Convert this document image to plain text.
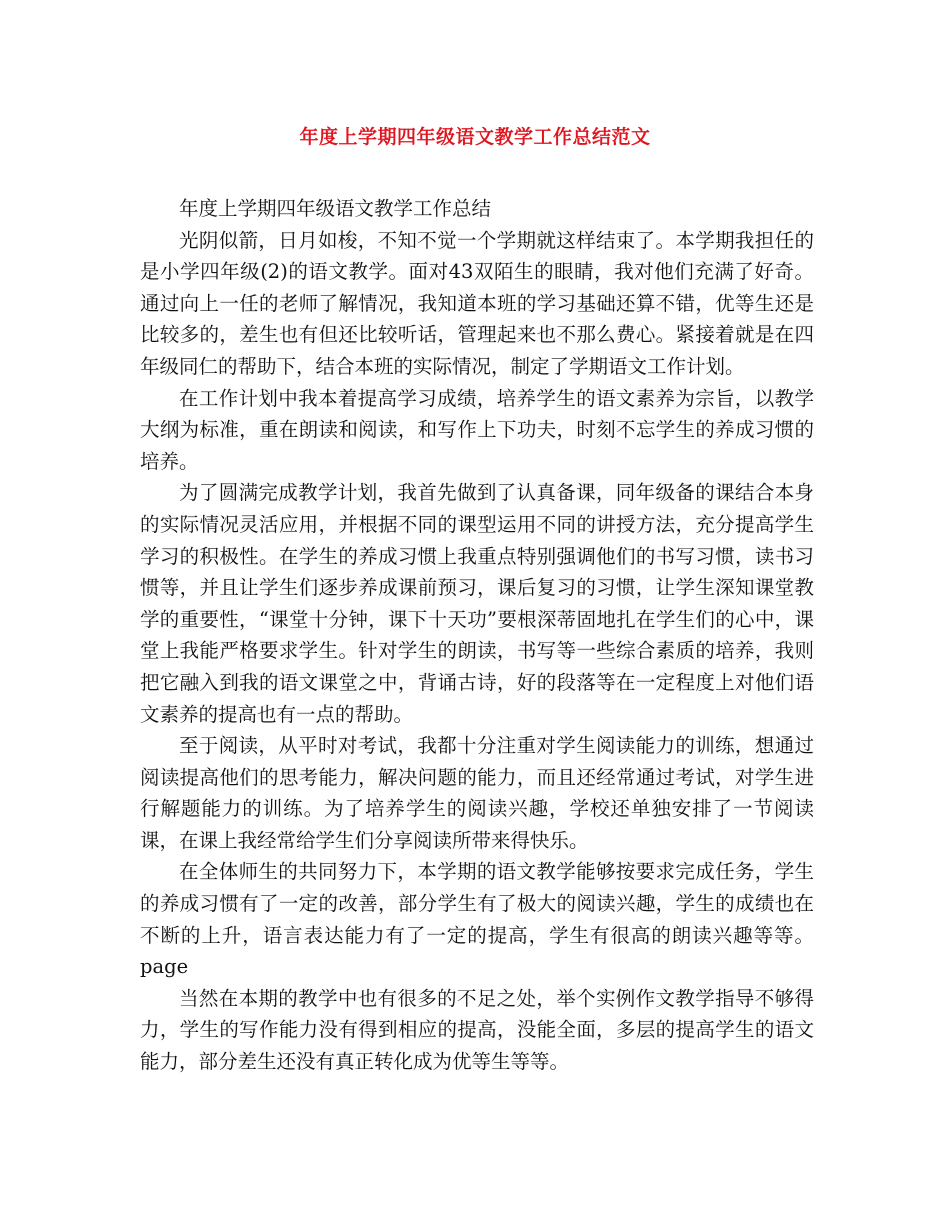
年度上学期四年级语文教学工作总结范文

年度上学期四年级语文教学工作总结

光阴似箭，日月如梭，不知不觉一个学期就这样结束了。本学期我担任的是小学四年级(2)的语文教学。面对43双陌生的眼睛，我对他们充满了好奇。通过向上一任的老师了解情况，我知道本班的学习基础还算不错，优等生还是比较多的，差生也有但还比较听话，管理起来也不那么费心。紧接着就是在四年级同仁的帮助下，结合本班的实际情况，制定了学期语文工作计划。

在工作计划中我本着提高学习成绩，培养学生的语文素养为宗旨，以教学大纲为标准，重在朗读和阅读，和写作上下功夫，时刻不忘学生的养成习惯的培养。

为了圆满完成教学计划，我首先做到了认真备课，同年级备的课结合本身的实际情况灵活应用，并根据不同的课型运用不同的讲授方法，充分提高学生学习的积极性。在学生的养成习惯上我重点特别强调他们的书写习惯，读书习惯等，并且让学生们逐步养成课前预习，课后复习的习惯，让学生深知课堂教学的重要性，“课堂十分钟，课下十天功”要根深蒂固地扎在学生们的心中，课堂上我能严格要求学生。针对学生的朗读，书写等一些综合素质的培养，我则把它融入到我的语文课堂之中，背诵古诗，好的段落等在一定程度上对他们语文素养的提高也有一点的帮助。

至于阅读，从平时对考试，我都十分注重对学生阅读能力的训练，想通过阅读提高他们的思考能力，解决问题的能力，而且还经常通过考试，对学生进行解题能力的训练。为了培养学生的阅读兴趣，学校还单独安排了一节阅读课，在课上我经常给学生们分享阅读所带来得快乐。

在全体师生的共同努力下，本学期的语文教学能够按要求完成任务，学生的养成习惯有了一定的改善，部分学生有了极大的阅读兴趣，学生的成绩也在不断的上升，语言表达能力有了一定的提高，学生有很高的朗读兴趣等等。page

当然在本期的教学中也有很多的不足之处，举个实例作文教学指导不够得力，学生的写作能力没有得到相应的提高，没能全面，多层的提高学生的语文能力，部分差生还没有真正转化成为优等生等等。
